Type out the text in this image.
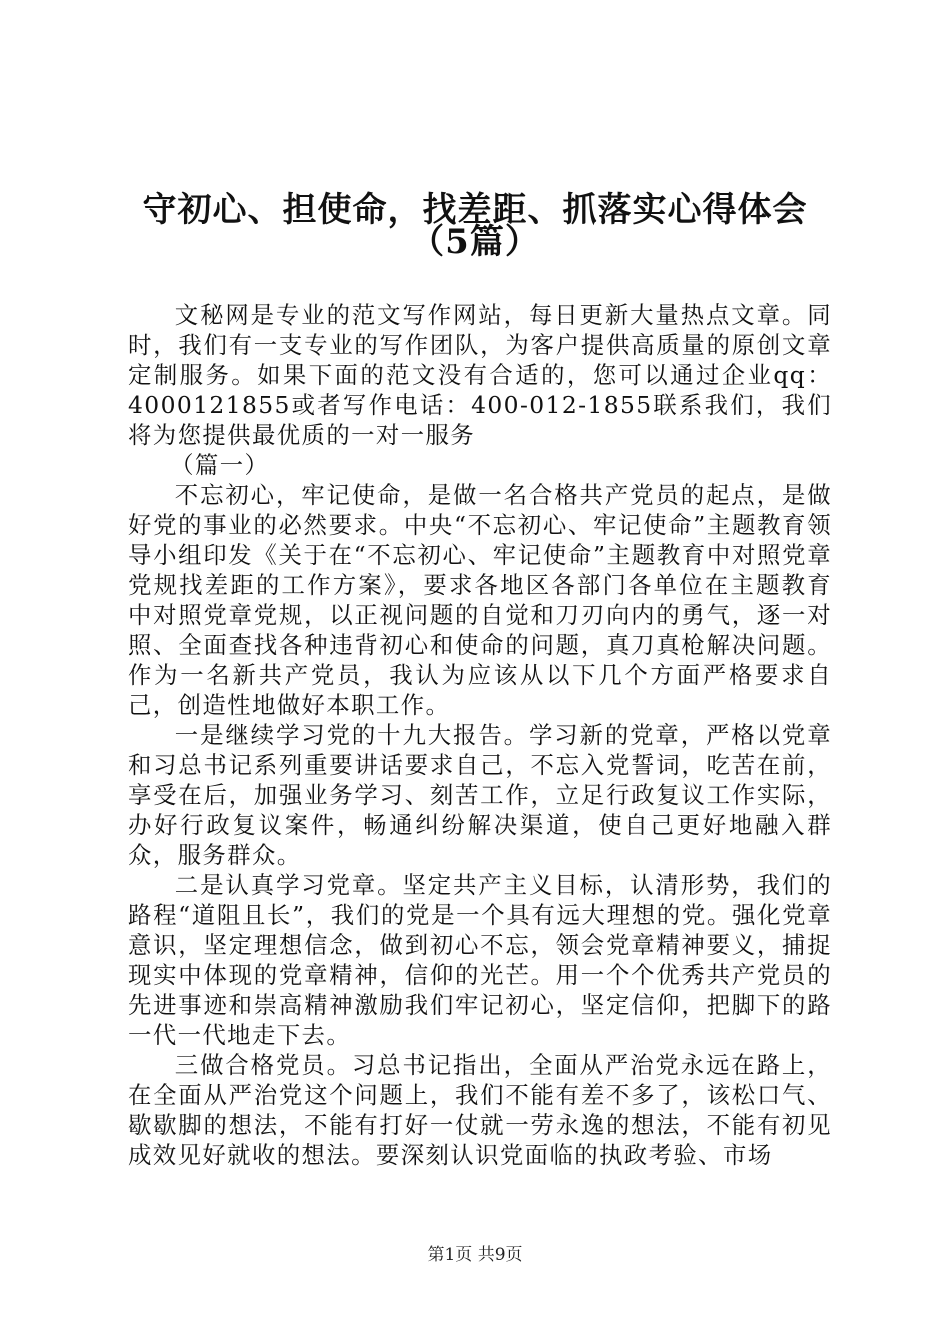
守初心、担使命，找差距、抓落实心得体会
（5篇）

文秘网是专业的范文写作网站，每日更新大量热点文章。同时，我们有一支专业的写作团队，为客户提供高质量的原创文章定制服务。如果下面的范文没有合适的，您可以通过企业qq：4000121855或者写作电话：400-012-1855联系我们，我们将为您提供最优质的一对一服务

（篇一）

不忘初心，牢记使命，是做一名合格共产党员的起点，是做好党的事业的必然要求。中央“不忘初心、牢记使命”主题教育领导小组印发《关于在“不忘初心、牢记使命”主题教育中对照党章党规找差距的工作方案》，要求各地区各部门各单位在主题教育中对照党章党规，以正视问题的自觉和刀刃向内的勇气，逐一对照、全面查找各种违背初心和使命的问题，真刀真枪解决问题。作为一名新共产党员，我认为应该从以下几个方面严格要求自己，创造性地做好本职工作。

一是继续学习党的十九大报告。学习新的党章，严格以党章和习总书记系列重要讲话要求自己，不忘入党誓词，吃苦在前，享受在后，加强业务学习、刻苦工作，立足行政复议工作实际，办好行政复议案件，畅通纠纷解决渠道，使自己更好地融入群众，服务群众。

二是认真学习党章。坚定共产主义目标，认清形势，我们的路程“道阻且长”，我们的党是一个具有远大理想的党。强化党章意识，坚定理想信念，做到初心不忘，领会党章精神要义，捕捉现实中体现的党章精神，信仰的光芒。用一个个优秀共产党员的先进事迹和崇高精神激励我们牢记初心，坚定信仰，把脚下的路一代一代地走下去。

三做合格党员。习总书记指出，全面从严治党永远在路上，在全面从严治党这个问题上，我们不能有差不多了，该松口气、歇歇脚的想法，不能有打好一仗就一劳永逸的想法，不能有初见成效见好就收的想法。要深刻认识党面临的执政考验、市场

第1页 共9页
